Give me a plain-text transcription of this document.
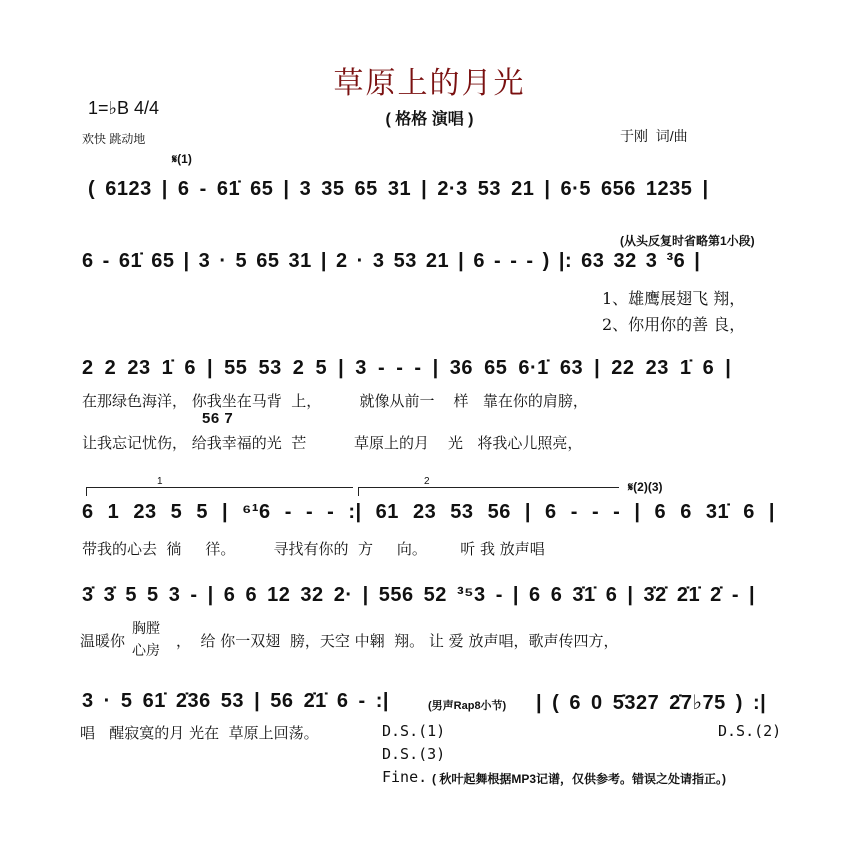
草原上的月光
( 格格 演唱 )
1=♭B 4/4
欢快 跳动地	于刚  词/曲
𝄋(1)
( 6123 | 6 - 61̇ 65 | 3 35 65 31 | 2·3 53 21 | 6·5 656 1235 |
(从头反复时省略第1小段)
6 - 61̇ 65 | 3 · 5 65 31 | 2 · 3 53 21 | 6 - - - ) |: 63 32 3 ³6 |
1、雄鹰展翅飞 翔，
2、你用你的善 良，
2 2 23 1̇ 6 | 55 53 2 5 | 3 - - - | 36 65 6·1̇ 63 | 22 23 1̇ 6 |
在那绿色海洋， 你我坐在马背  上，        就像从前一    样   靠在你的肩膀，
56 7
让我忘记忧伤， 给我幸福的光  芒          草原上的月    光   将我心儿照亮，
1	2	𝄋(2)(3)
6 1 23 5 5 | ⁶¹6 - - - :| 61 23 53 56 | 6 - - - | 6 6 31̇ 6 |
带我的心去  徜     徉。        寻找有你的  方     向。       听 我 放声唱
3̇ 3̇ 5 5 3 - | 6 6 12 32 2· | 556 52 ³⁵3 - | 6 6 3̇1̇ 6 | 3̇2̇ 2̇1̇ 2̇ - |
温暖你
胸膛
心房
，  给 你一双翅  膀，天空 中翱  翔。 让 爱 放声唱，歌声传四方，
3 · 5 61̇ 2̇36 53 | 56 2̇1̇ 6 - :|	(男声Rap8小节) | ( 6 0 5̇327 2̇7♭75 ) :|
唱   醒寂寞的月 光在  草原上回荡。	D.S.(1)	D.S.(2)
D.S.(3)
Fine. ( 秋叶起舞根据MP3记谱，仅供参考。错误之处请指正。)
